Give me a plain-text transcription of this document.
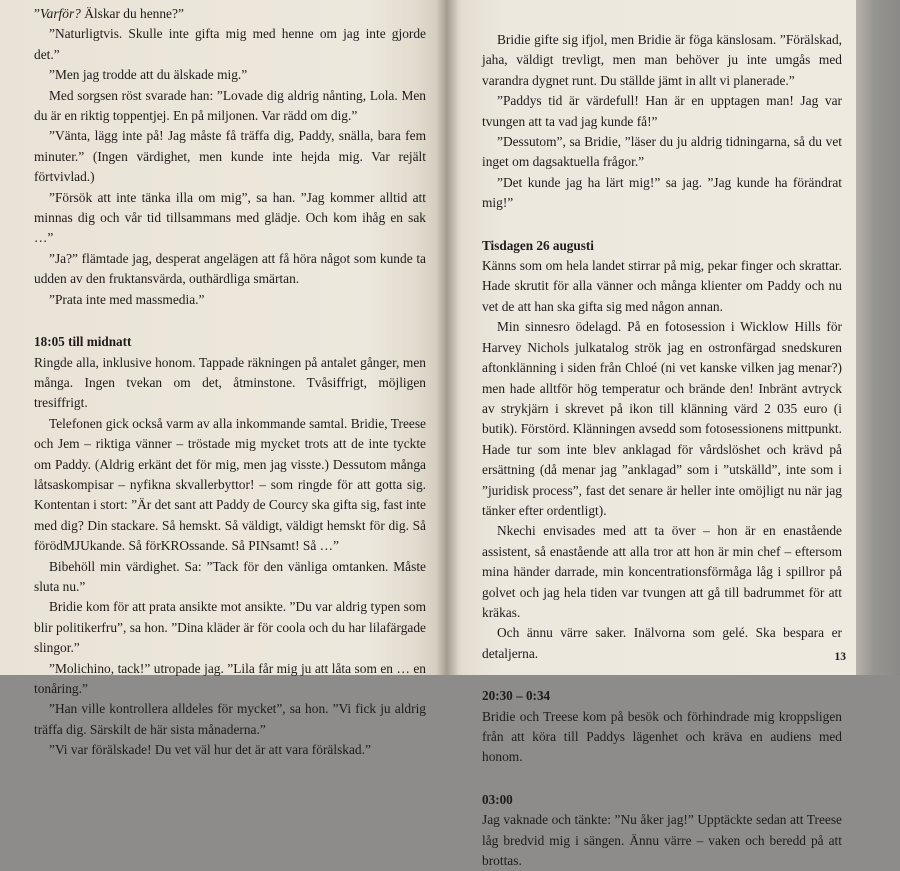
”Varför? Älskar du henne?”

”Naturligtvis. Skulle inte gifta mig med henne om jag inte gjorde det.”

”Men jag trodde att du älskade mig.”

Med sorgsen röst svarade han: ”Lovade dig aldrig nånting, Lola. Men du är en riktig toppentjej. En på miljonen. Var rädd om dig.”

”Vänta, lägg inte på! Jag måste få träffa dig, Paddy, snälla, bara fem minuter.” (Ingen värdighet, men kunde inte hejda mig. Var rejält förtvivlad.)

”Försök att inte tänka illa om mig”, sa han. ”Jag kommer alltid att minnas dig och vår tid tillsammans med glädje. Och kom ihåg en sak …”

”Ja?” flämtade jag, desperat angelägen att få höra något som kunde ta udden av den fruktansvärda, outhärdliga smärtan.

”Prata inte med massmedia.”

18:05 till midnatt

Ringde alla, inklusive honom. Tappade räkningen på antalet gånger, men många. Ingen tvekan om det, åtminstone. Tvåsiffrigt, möjligen tresiffrigt.

Telefonen gick också varm av alla inkommande samtal. Bridie, Treese och Jem – riktiga vänner – tröstade mig mycket trots att de inte tyckte om Paddy. (Aldrig erkänt det för mig, men jag visste.) Dessutom många låtsaskompisar – nyfikna skvallerbyttor! – som ringde för att gotta sig. Kontentan i stort: ”Är det sant att Paddy de Courcy ska gifta sig, fast inte med dig? Din stackare. Så hemskt. Så väldigt, väldigt hemskt för dig. Så förödMJUkande. Så förKROssande. Så PINsamt! Så …”

Bibehöll min värdighet. Sa: ”Tack för den vänliga omtanken. Måste sluta nu.”

Bridie kom för att prata ansikte mot ansikte. ”Du var aldrig typen som blir politikerfru”, sa hon. ”Dina kläder är för coola och du har lilafärgade slingor.”

”Molichino, tack!” utropade jag. ”Lila får mig ju att låta som en … en tonåring.”

”Han ville kontrollera alldeles för mycket”, sa hon. ”Vi fick ju aldrig träffa dig. Särskilt de här sista månaderna.”

”Vi var förälskade! Du vet väl hur det är att vara förälskad.”

Bridie gifte sig ifjol, men Bridie är föga känslosam. ”Förälskad, jaha, väldigt trevligt, men man behöver ju inte umgås med varandra dygnet runt. Du ställde jämt in allt vi planerade.”

”Paddys tid är värdefull! Han är en upptagen man! Jag var tvungen att ta vad jag kunde få!”

”Dessutom”, sa Bridie, ”läser du ju aldrig tidningarna, så du vet inget om dagsaktuella frågor.”

”Det kunde jag ha lärt mig!” sa jag. ”Jag kunde ha förändrat mig!”

Tisdagen 26 augusti

Känns som om hela landet stirrar på mig, pekar finger och skrattar. Hade skrutit för alla vänner och många klienter om Paddy och nu vet de att han ska gifta sig med någon annan.

Min sinnesro ödelagd. På en fotosession i Wicklow Hills för Harvey Nichols julkatalog strök jag en ostronfärgad snedskuren aftonklänning i siden från Chloé (ni vet kanske vilken jag menar?) men hade alltför hög temperatur och brände den! Inbränt avtryck av strykjärn i skrevet på ikon till klänning värd 2 035 euro (i butik). Förstörd. Klänningen avsedd som fotosessionens mittpunkt. Hade tur som inte blev anklagad för vårdslöshet och krävd på ersättning (då menar jag ”anklagad” som i ”utskälld”, inte som i ”juridisk process”, fast det senare är heller inte omöjligt nu när jag tänker efter ordentligt).

Nkechi envisades med att ta över – hon är en enastående assistent, så enastående att alla tror att hon är min chef – eftersom mina händer darrade, min koncentrationsförmåga låg i spillror på golvet och jag hela tiden var tvungen att gå till badrummet för att kräkas.

Och ännu värre saker. Inälvorna som gelé. Ska bespara er detaljerna.

20:30 – 0:34

Bridie och Treese kom på besök och förhindrade mig kroppsligen från att köra till Paddys lägenhet och kräva en audiens med honom.

03:00

Jag vaknade och tänkte: ”Nu åker jag!” Upptäckte sedan att Treese låg bredvid mig i sängen. Ännu värre – vaken och beredd på att brottas.

13
